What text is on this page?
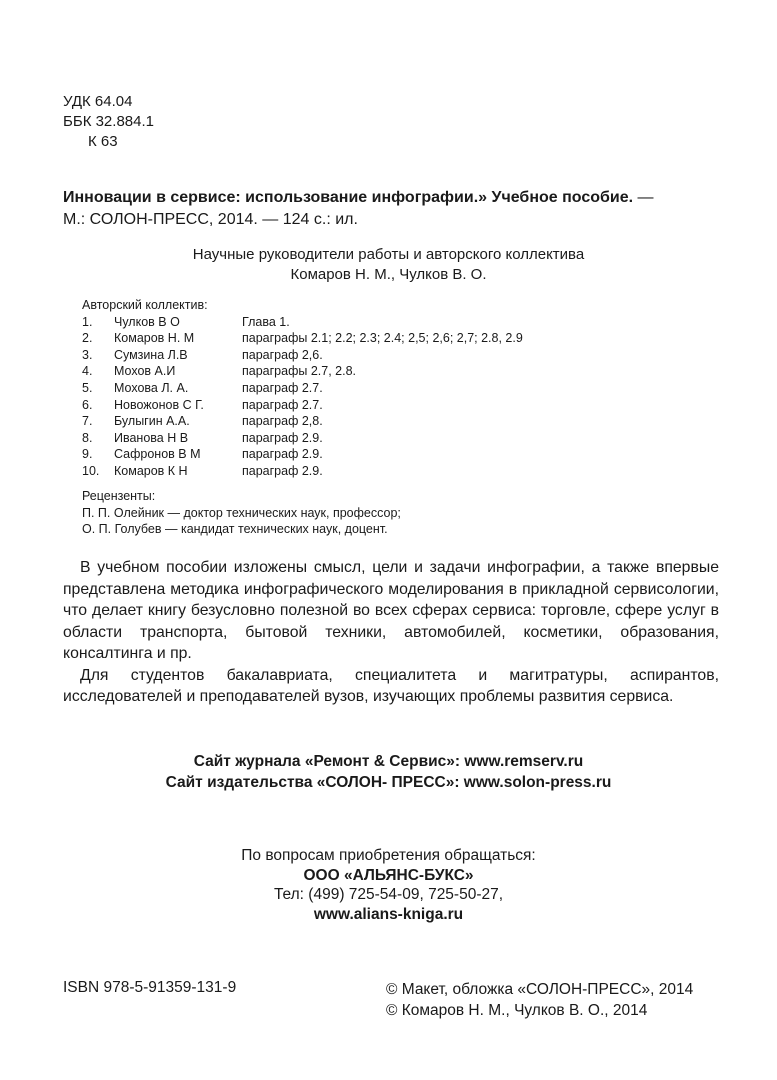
УДК 64.04
ББК 32.884.1
К 63
Инновации в сервисе: использование инфографии.» Учебное пособие. —
М.: СОЛОН-ПРЕСС, 2014. — 124 с.: ил.
Научные руководители работы и авторского коллектива
Комаров Н. М., Чулков В. О.
Авторский коллектив:
1.	Чулков В О	Глава 1.
2.	Комаров Н. М	параграфы 2.1; 2.2; 2.3; 2.4; 2,5; 2,6; 2,7; 2.8, 2.9
3.	Сумзина Л.В	параграф 2,6.
4.	Мохов А.И	параграфы 2.7, 2.8.
5.	Мохова Л. А.	параграф 2.7.
6.	Новожонов С Г.	параграф 2.7.
7.	Булыгин А.А.	параграф 2,8.
8.	Иванова Н В	параграф 2.9.
9.	Сафронов В М	параграф 2.9.
10.	Комаров К Н	параграф 2.9.
Рецензенты:
П. П. Олейник — доктор технических наук, профессор;
О. П. Голубев — кандидат технических наук, доцент.

В учебном пособии изложены смысл, цели и задачи инфографии, а также впервые представлена методика инфографического моделирования в прикладной сервисологии, что делает книгу безусловно полезной во всех сферах сервиса: торговле, сфере услуг в области транспорта, бытовой техники, автомобилей, косметики, образования, консалтинга и пр.

Для студентов бакалавриата, специалитета и магитратуры, аспирантов, исследователей и преподавателей вузов, изучающих проблемы развития сервиса.

Сайт журнала «Ремонт & Сервис»: www.remserv.ru
Сайт издательства «СОЛОН- ПРЕСС»: www.solon-press.ru
По вопросам приобретения обращаться:
ООО «АЛЬЯНС-БУКС»
Тел: (499) 725-54-09, 725-50-27,
www.alians-kniga.ru
ISBN 978-5-91359-131-9	© Макет, обложка «СОЛОН-ПРЕСС», 2014
© Комаров Н. М., Чулков В. О., 2014
